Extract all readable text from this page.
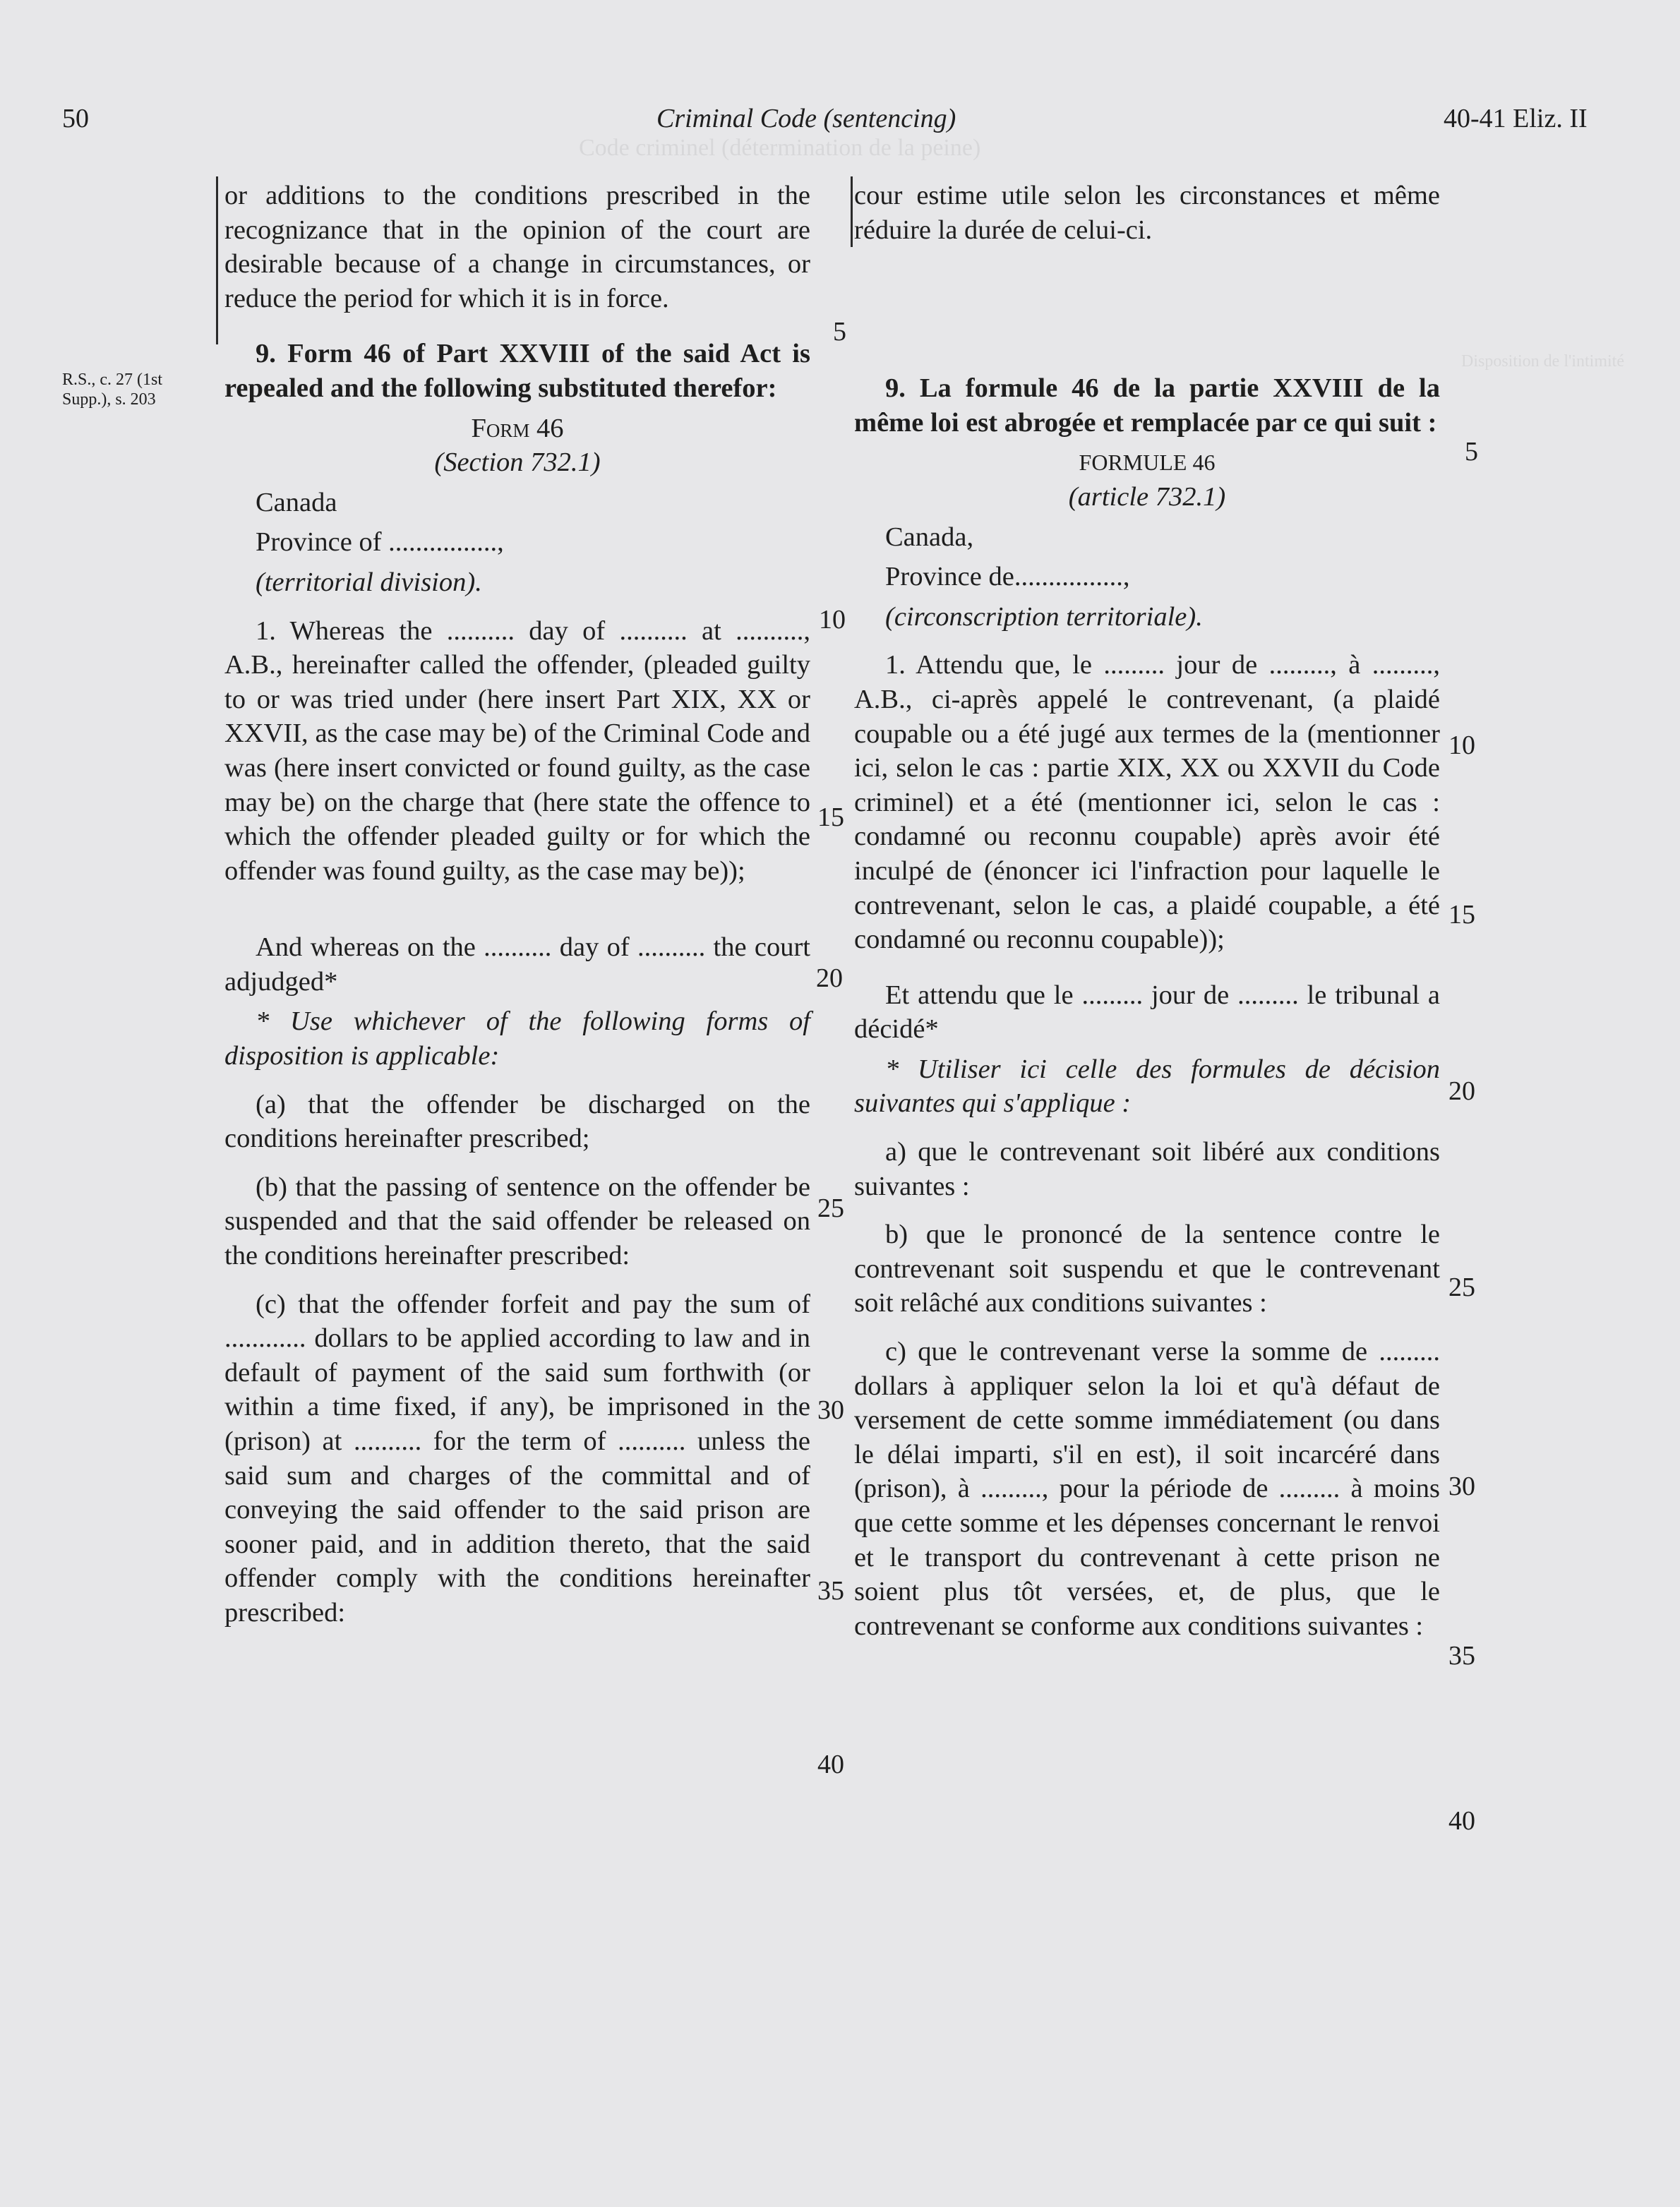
Code criminel (détermination de la peine)
Disposition de l'intimité
50	Criminal Code (sentencing)	40-41 Eliz. II
R.S., c. 27 (1st Supp.), s. 203

or additions to the conditions prescribed in the recognizance that in the opinion of the court are desirable because of a change in circumstances, or reduce the period for which it is in force.

9. Form 46 of Part XXVIII of the said Act is repealed and the following substituted therefor:

Form 46

(Section 732.1)

Canada

Province of ................,

(territorial division).

1. Whereas the .......... day of .......... at .........., A.B., hereinafter called the offender, (pleaded guilty to or was tried under (here insert Part XIX, XX or XXVII, as the case may be) of the Criminal Code and was (here insert convicted or found guilty, as the case may be) on the charge that (here state the offence to which the offender pleaded guilty or for which the offender was found guilty, as the case may be));

And whereas on the .......... day of .......... the court adjudged*

* Use whichever of the following forms of disposition is applicable:

(a) that the offender be discharged on the conditions hereinafter prescribed;

(b) that the passing of sentence on the offender be suspended and that the said offender be released on the conditions hereinafter prescribed:

(c) that the offender forfeit and pay the sum of ............ dollars to be applied according to law and in default of payment of the said sum forthwith (or within a time fixed, if any), be imprisoned in the (prison) at .......... for the term of .......... unless the said sum and charges of the committal and of conveying the said offender to the said prison are sooner paid, and in addition thereto, that the said offender comply with the conditions hereinafter prescribed:

cour estime utile selon les circonstances et même réduire la durée de celui-ci.

9. La formule 46 de la partie XXVIII de la même loi est abrogée et remplacée par ce qui suit :

FORMULE 46

(article 732.1)

Canada,

Province de................,

(circonscription territoriale).

1. Attendu que, le ......... jour de ........., à ........., A.B., ci-après appelé le contrevenant, (a plaidé coupable ou a été jugé aux termes de la (mentionner ici, selon le cas : partie XIX, XX ou XXVII du Code criminel) et a été (mentionner ici, selon le cas : condamné ou reconnu coupable) après avoir été inculpé de (énoncer ici l'infraction pour laquelle le contrevenant, selon le cas, a plaidé coupable, a été condamné ou reconnu coupable));

Et attendu que le ......... jour de ......... le tribunal a décidé*

* Utiliser ici celle des formules de décision suivantes qui s'applique :

a) que le contrevenant soit libéré aux conditions suivantes :

b) que le prononcé de la sentence contre le contrevenant soit suspendu et que le contrevenant soit relâché aux conditions suivantes :

c) que le contrevenant verse la somme de ......... dollars à appliquer selon la loi et qu'à défaut de versement de cette somme immédiatement (ou dans le délai imparti, s'il en est), il soit incarcéré dans (prison), à ........., pour la période de ......... à moins que cette somme et les dépenses concernant le renvoi et le transport du contrevenant à cette prison ne soient plus tôt versées, et, de plus, que le contrevenant se conforme aux conditions suivantes :

5
10
15
20
25
30
35
40
5
10
15
20
25
30
35
40
